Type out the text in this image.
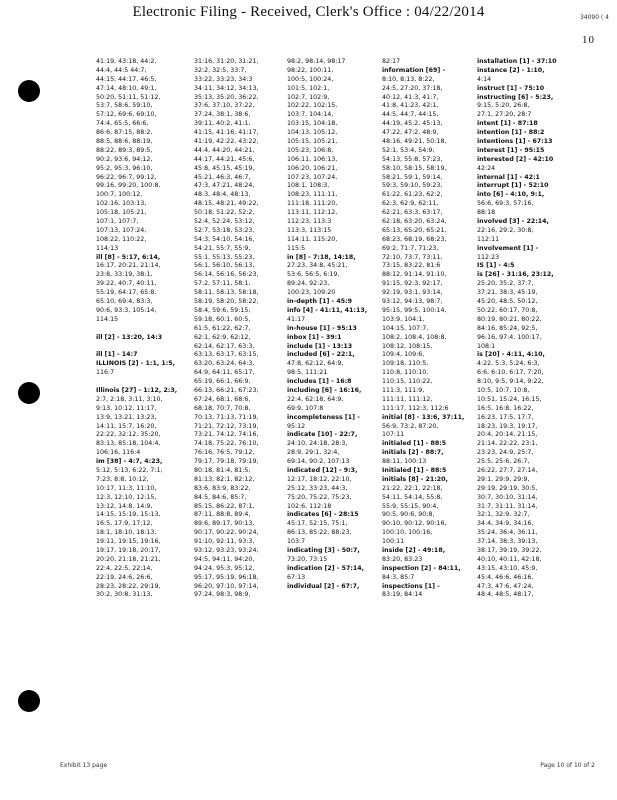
Electronic Filing - Received, Clerk's Office : 04/22/2014	34090 ( 4
10
41:19, 43:18, 44:2,
44:4, 44:5 44:7,
44:15, 44:17, 46:5,
47:14, 48:10, 49:1,
50:20, 51:11, 51:12,
53:7, 58:6, 59:10,
57:12, 69:6, 69:10,
74:4, 65:5, 66:6,
86:6, 87:15, 88:2,
88:5, 88:6, 88:19,
88:22, 89:3, 89:5,
90:2, 93:6, 94:12,
95:2, 95:3, 96:10,
96:22, 96:7, 99:12,
99:16, 99:20, 100:8,
100:7, 100:12,
102:16, 103:13,
105:18, 105:21,
107:1, 107:7,
107:13, 107:24,
108:22, 110:22,
114:13
ill [8] - 5:17, 6:14,
16:17, 20:21, 21:14,
23:8, 33:19, 38:1,
39:22, 40:7, 40:11,
55:19, 64:17, 65:8,
65:10, 69:4, 83:3,
90:6, 93:3, 105:14,
114:15

ill [2] - 13:20, 14:3

ill [1] - 14:7
ILLINOIS [2] - 1:1, 1:5,
116:7

Illinois [27] - 1:12, 2:3,
2:7, 2:18, 3:11, 3:10,
9:13, 10:12, 11:17,
13:9, 13:21, 13:23,
14:11, 15:7, 16:20,
22:22, 32:12, 35:20,
83:13, 85:18, 104:4,
106:16, 116:4
im [38] - 4:7, 4:23,
5:12, 5:13, 6:22, 7:1,
7:23, 8:8, 10:12,
10:17, 11:3, 11:10,
12:3, 12:10, 12:15,
13:12, 14:8, 14:9,
14:15, 15:19, 15:13,
16:5, 17:9, 17:12,
18:1, 18:10, 18:13,
19:11, 19:15, 19:16,
19:17, 19:18, 20:17,
20:20, 21:18, 21:21,
22:4, 22:5, 22:14,
22:19, 24:6, 26:6,
28:23, 28:22, 29:19,
30:2, 30:8, 31:13,
31:16, 31:20, 31:21,
32:2, 32:5, 33:7,
33:22, 33:23, 34:3
34:11, 34:12, 34:13,
35:13, 35:20, 36:22,
37:6, 37:10, 37:22,
37:24, 38:1, 38:6,
39:11, 40:2, 41:1,
41:15, 41:16, 41:17,
41:19, 42:22, 43:22,
44:4, 44:20, 44:21,
44:17, 44:21, 45:6,
45:8, 45:15, 45:19,
45:21, 46:3, 46:7,
47:3, 47:21, 48:24,
48:3, 48:4, 48:13,
48:15, 48:21, 49:22,
50:18, 51:22, 52:2,
52:4, 52:24, 53:12,
52:7, 53:18, 53:23,
54:3, 54:10, 54:16,
54:21, 55:7, 55:9,
55:1, 55:13, 55:23,
56:1, 56:10, 56:13,
56:14, 56:16, 56:23,
57:2, 57:11, 58:1,
58:11, 58:13, 58:18,
58:19, 58:20, 58:22,
58:4, 59:6, 59:15,
59:18, 60:1, 60:5,
61:5, 61:22, 62:7,
62:1, 62:9, 62:12,
62:14, 62:17, 63:3,
63:13, 63:17, 63:15,
63:20, 63:24, 64:3,
64:9, 64:11, 65:17,
65:19, 66:1, 66:9,
66:13, 66:21, 67:23,
67:24, 68:1, 68:6,
68:18, 70:7, 70:8,
70:13, 71:13, 71:19,
71:21, 72:12, 73:19,
73:21, 74:12, 74:16,
74:18, 75:22, 76:10,
76:16, 76:5, 79:12,
79:17, 79:18, 79:19,
80:18, 81:4, 81:5,
81:13, 82:1, 82:12,
83:6, 83:9, 83:22,
84:5, 84:6, 85:7,
85:15, 86:22, 87:1,
87:11, 88:8, 89:4,
89:6, 89:17, 90:13,
90:17, 90:22, 90:24,
91:10, 92:11, 93:3,
93:12, 93:23, 93:24,
94:5, 94:11, 94:20,
94:24, 95:3, 95:12,
95:17, 95:19, 96:18,
96:20, 97:10, 97:14,
97:24, 98:3, 98:9,
98:2, 98:14, 98:17
98:22, 100:11,
100:5, 100:24,
101:5, 102:1,
102:7, 102:9,
102:22, 102:15,
103:7, 104:14,
103:15, 104:18,
104:13, 105:12,
105:15, 105:21,
105:23, 106:8,
106:11, 106:13,
106:20, 106:21,
107:23, 107:24,
108:1, 108:3,
108:23, 111:11,
111:18, 111:20,
113:11, 112:12,
112:23, 113:3
113:3, 113:15
114:11, 115:20,
115:5
in [8] - 7:18, 14:18,
27:23, 34:8, 45:21,
53:6, 56:5, 6:19,
89:24, 92:23,
100:23, 109:20
in-depth [1] - 45:9
info [4] - 41:11, 41:13,
41:17
in-house [1] - 95:13
inbox [1] - 39:1
include [1] - 13:13
included [6] - 22:1,
47:8, 62:12, 64:9,
98:5, 111:21
includes [1] - 16:8
including [6] - 16:16,
22:4, 62:18, 64:9,
69:9, 107:8
incompleteness [1] -
95:12
indicate [10] - 22:7,
24:10, 24:18, 28:3,
28:9, 29:1, 32:4,
69:14, 90:2, 107:13
indicated [12] - 9:3,
12:17, 18:12, 22:10,
25:12, 33:23, 44:3,
75:20, 75:22, 75:23,
102:6, 112:18
indicates [6] - 28:15
45:17, 52:15, 75:1,
86:13, 85:22, 88:23,
103:7
indicating [3] - 50:7,
73:20, 73:15
indication [2] - 57:14,
67:13
individual [2] - 67:7,
82:17
information [69] -
8:10, 8:13, 8:22,
24:5, 27:20, 37:18,
40:12, 41:3, 41:7,
41:8, 41:23, 42:1,
44:5, 44:7, 44:15,
44:19, 45:2, 45:13,
47:22, 47:2, 48:9,
48:16, 49:21, 50:18,
52:1, 53:4, 54:9,
54:13, 55:8, 57:23,
58:10, 58:15, 58:19,
58:21, 59:1, 59:14,
59:3, 59:10, 59:23,
61:22, 61:23, 62:2,
62:3, 62:9, 62:11,
62:21, 63:3, 63:17,
62:18, 63:20, 63:24,
65:13, 65:20, 65:21,
68:23, 68:19, 68:23,
69:2, 71:7, 71:23,
72:10, 73:7, 73:11,
73:15, 83:22, 81:6
88:12, 91:14, 91:10,
91:15, 92:3, 92:17,
92:19, 93:1, 93:14,
93:12, 94:13, 98:7,
95:15, 99:5, 100:14,
103:9, 104:1,
104:15, 107:7,
108:2, 108:4, 108:8,
108:12, 108:15,
109:4, 109:6,
109:18, 110:5,
110:8, 110:10,
110:15, 110:22,
111:3, 111:9,
111:11, 111:12,
111:17, 112:3, 112:6
initial [8] - 13:6, 37:11,
56:9, 73:2, 87:20,
107:11
initialed [1] - 88:5
initials [2] - 88:7,
88:11, 100:13
Initialed [1] - 88:5
initials [8] - 21:20,
21:22, 22:1, 22:18,
54:11, 54:14, 55:8,
55:9, 55:15, 90:4,
90:5, 90:6, 90:8,
90:10, 90:12, 90:16,
100:10, 100:16,
100:11
inside [2] - 49:18,
83:20, 83:23
inspection [2] - 84:11,
84:3, 85:7
inspections [1] -
83:19, 84:14
installation [1] - 37:10
instance [2] - 1:10,
4:14
instruct [1] - 75:10
instructing [6] - 5:23,
9:15, 5:20, 26:8,
27:1, 27:20, 28:7
intent [1] - 87:18
intention [1] - 88:2
intentions [1] - 67:13
interest [1] - 95:15
interested [2] - 42:10
42:24
internal [1] - 42:1
interrupt [1] - 52:10
into [6] - 4:10, 9:1,
56:6, 69:3, 57:16,
88:18
involved [3] - 22:14,
22:16, 29:2, 30:8,
112:11
involvement [1] -
112:23
IS [1] - 4:5
is [26] - 31:16, 23:12,
25:20, 35:2, 37:7,
37:21, 38:3, 45:19,
45:20, 48:5, 50:12,
50:22, 60:17, 70:8,
80:19, 80:21, 80:22,
84:16, 85:24, 92:5,
96:16, 97:4, 100:17,
108:1
is [20] - 4:11, 4:10,
4:22, 5:3, 5:24, 6:3,
6:6, 6:10, 6:17, 7:20,
8:10, 9:5, 9:14, 9:22,
10:5, 10:7, 10:8,
10:51, 15:24, 16:15,
16:5, 16:8, 16:22,
16:23, 17:5, 17:7,
18:23, 19:3, 19:17,
20:4, 20:14, 21:15,
21:14, 22:22, 23:1,
23:23, 24:9, 25:7,
25:5, 25:6, 26:7,
26:22, 27:7, 27:14,
29:1, 29:9, 29:9,
29:19, 29:19, 30:5,
30:7, 30:10, 31:14,
31:7, 31:11, 31:14,
32:1, 32:9, 32:7,
34:4, 34:9, 34:16,
35:24, 36:4, 36:11,
37:14, 38:3, 39:13,
38:17, 39:19, 39:22,
40:10, 40:11, 42:18,
43:15, 43:10, 45:9,
45:4, 46:6, 46:16,
47:3, 47:6, 47:24,
48:4, 48:5, 48:17,
Exhibit 13 page	Page 10 of 10 of 2
